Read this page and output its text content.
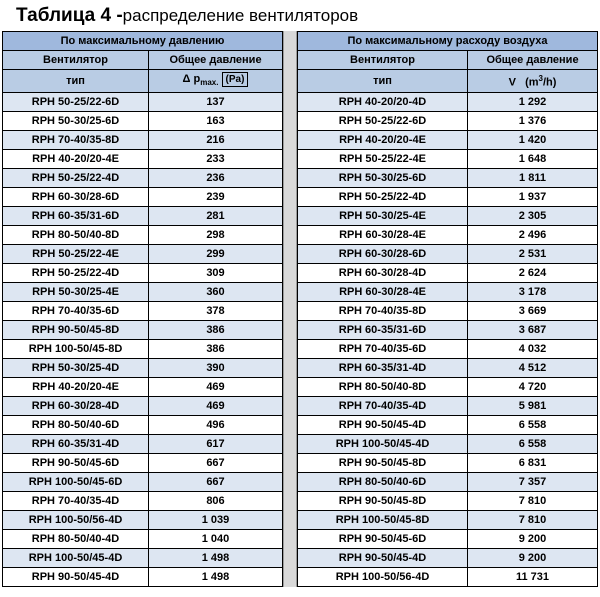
Таблица 4 -распределение вентиляторов
По максимальному давлению	
Вентилятор	Общее давление
тип	Δ $p_{max.}$ (Pa)
RPH 50-25/22-6D	137
RPH 50-30/25-6D	163
RPH 70-40/35-8D	216
RPH 40-20/20-4E	233
RPH 50-25/22-4D	236
RPH 60-30/28-6D	239
RPH 60-35/31-6D	281
RPH 80-50/40-8D	298
RPH 50-25/22-4E	299
RPH 50-25/22-4D	309
RPH 50-30/25-4E	360
RPH 70-40/35-6D	378
RPH 90-50/45-8D	386
RPH 100-50/45-8D	386
RPH 50-30/25-4D	390
RPH 40-20/20-4E	469
RPH 60-30/28-4D	469
RPH 80-50/40-6D	496
RPH 60-35/31-4D	617
RPH 90-50/45-6D	667
RPH 100-50/45-6D	667
RPH 70-40/35-4D	806
RPH 100-50/56-4D	1 039
RPH 80-50/40-4D	1 040
RPH 100-50/45-4D	1 498
RPH 90-50/45-4D	1 498
По максимальному расходу воздуха	
Вентилятор	Общее давление
тип	V   $(m^3/h)$
RPH 40-20/20-4D	1 292
RPH 50-25/22-6D	1 376
RPH 40-20/20-4E	1 420
RPH 50-25/22-4E	1 648
RPH 50-30/25-6D	1 811
RPH 50-25/22-4D	1 937
RPH 50-30/25-4E	2 305
RPH 60-30/28-4E	2 496
RPH 60-30/28-6D	2 531
RPH 60-30/28-4D	2 624
RPH 60-30/28-4E	3 178
RPH 70-40/35-8D	3 669
RPH 60-35/31-6D	3 687
RPH 70-40/35-6D	4 032
RPH 60-35/31-4D	4 512
RPH 80-50/40-8D	4 720
RPH 70-40/35-4D	5 981
RPH 90-50/45-4D	6 558
RPH 100-50/45-4D	6 558
RPH 90-50/45-8D	6 831
RPH 80-50/40-6D	7 357
RPH 90-50/45-8D	7 810
RPH 100-50/45-8D	7 810
RPH 90-50/45-6D	9 200
RPH 90-50/45-4D	9 200
RPH 100-50/56-4D	11 731
